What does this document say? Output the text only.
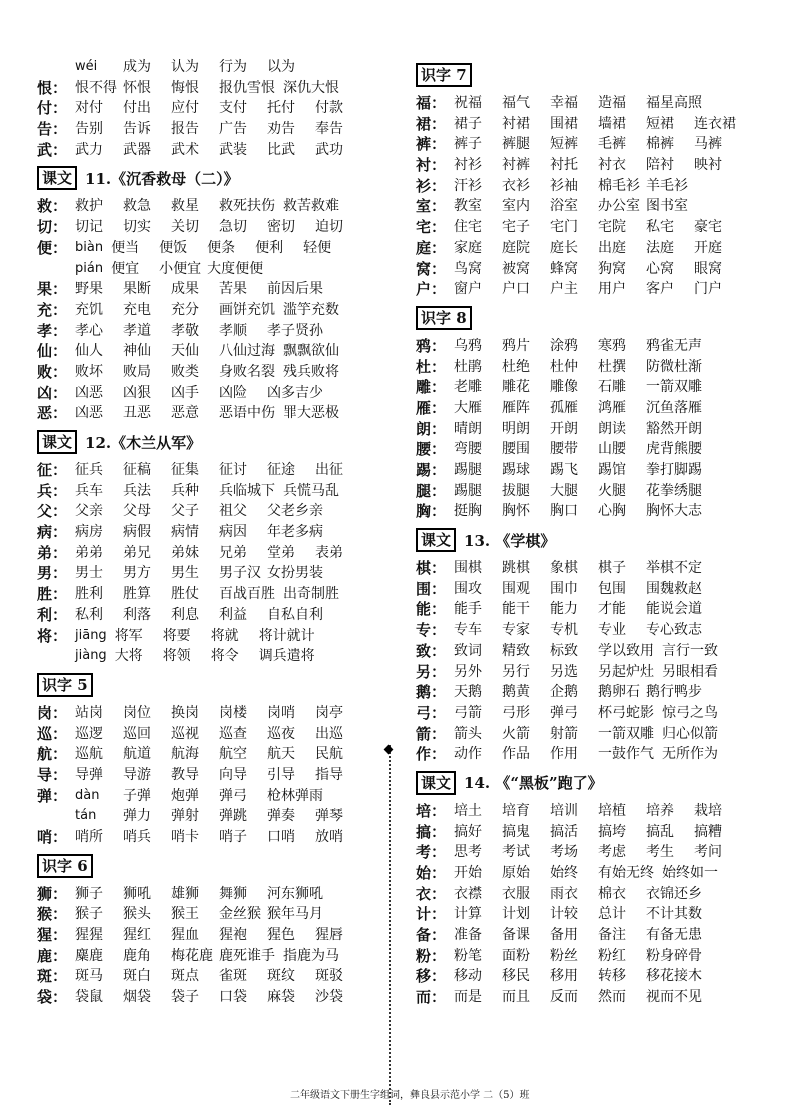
wéi	成为	认为	行为	以为
恨： 恨不得 怀恨	悔恨	报仇雪恨 深仇大恨
付： 对付	付出	应付	支付	托付	付款
告： 告别	告诉	报告	广告	劝告	奉告
武： 武力	武器	武术	武装	比武	武功
课文 11.《沉香救母（二）》
救： 救护	救急	救星	救死扶伤 救苦救难
切： 切记	切实	关切	急切	密切	迫切
便： biàn 便当	便饭	便条	便利	轻便
pián 便宜	小便宜 大度便便
果： 野果	果断	成果	苦果	前因后果
充： 充饥	充电	充分	画饼充饥 滥竽充数
孝： 孝心	孝道	孝敬	孝顺	孝子贤孙
仙： 仙人	神仙	天仙	八仙过海 飘飘欲仙
败： 败坏	败局	败类	身败名裂 残兵败将
凶： 凶恶	凶狠	凶手	凶险	凶多吉少
恶： 凶恶	丑恶	恶意	恶语中伤 罪大恶极
课文 12.《木兰从军》
征： 征兵	征稿	征集	征讨	征途	出征
兵： 兵车	兵法	兵种	兵临城下 兵慌马乱
父： 父亲	父母	父子	祖父	父老乡亲
病： 病房	病假	病情	病因	年老多病
弟： 弟弟	弟兄	弟妹	兄弟	堂弟	表弟
男： 男士	男方	男生	男子汉 女扮男装
胜： 胜利	胜算	胜仗	百战百胜 出奇制胜
利： 私利	利落	利息	利益	自私自利
将： jiāng 将军	将要	将就	将计就计
jiàng 大将	将领	将令	调兵遣将
识字 5
岗： 站岗	岗位	换岗	岗楼	岗哨	岗亭
巡： 巡逻	巡回	巡视	巡查	巡夜	出巡
航： 巡航	航道	航海	航空	航天	民航
导： 导弹	导游	教导	向导	引导	指导
弹： dàn	子弹	炮弹	弹弓	枪林弹雨
tán	弹力	弹射	弹跳	弹奏	弹琴
哨： 哨所	哨兵	哨卡	哨子	口哨	放哨
识字 6
狮： 狮子	狮吼	雄狮	舞狮	河东狮吼
猴： 猴子	猴头	猴王	金丝猴 猴年马月
猩： 猩猩	猩红	猩血	猩袍	猩色	猩唇
鹿： 麋鹿	鹿角	梅花鹿 鹿死谁手 指鹿为马
斑： 斑马	斑白	斑点	雀斑	斑纹	斑驳
袋： 袋鼠	烟袋	袋子	口袋	麻袋	沙袋
识字 7
福： 祝福	福气	幸福	造福	福星高照
裙： 裙子	衬裙	围裙	墙裙	短裙	连衣裙
裤： 裤子	裤腿	短裤	毛裤	棉裤	马裤
衬： 衬衫	衬裤	衬托	衬衣	陪衬	映衬
衫： 汗衫	衣衫	衫袖	棉毛衫 羊毛衫
室： 教室	室内	浴室	办公室 图书室
宅： 住宅	宅子	宅门	宅院	私宅	豪宅
庭： 家庭	庭院	庭长	出庭	法庭	开庭
窝： 鸟窝	被窝	蜂窝	狗窝	心窝	眼窝
户： 窗户	户口	户主	用户	客户	门户
识字 8
鸦： 乌鸦	鸦片	涂鸦	寒鸦	鸦雀无声
杜： 杜鹃	杜绝	杜仲	杜撰	防微杜渐
雕： 老雕	雕花	雕像	石雕	一箭双雕
雁： 大雁	雁阵	孤雁	鸿雁	沉鱼落雁
朗： 晴朗	明朗	开朗	朗读	豁然开朗
腰： 弯腰	腰围	腰带	山腰	虎背熊腰
踢： 踢腿	踢球	踢飞	踢馆	拳打脚踢
腿： 踢腿	拔腿	大腿	火腿	花拳绣腿
胸： 挺胸	胸怀	胸口	心胸	胸怀大志
课文 13. 《学棋》
棋： 围棋	跳棋	象棋	棋子	举棋不定
围： 围攻	围观	围巾	包围	围魏救赵
能： 能手	能干	能力	才能	能说会道
专： 专车	专家	专机	专业	专心致志
致： 致词	精致	标致	学以致用 言行一致
另： 另外	另行	另选	另起炉灶 另眼相看
鹅： 天鹅	鹅黄	企鹅	鹅卵石 鹅行鸭步
弓： 弓箭	弓形	弹弓	杯弓蛇影 惊弓之鸟
箭： 箭头	火箭	射箭	一箭双雕 归心似箭
作： 动作	作品	作用	一鼓作气 无所作为
课文 14. 《“黑板”跑了》
培： 培土	培育	培训	培植	培养	栽培
搞： 搞好	搞鬼	搞活	搞垮	搞乱	搞糟
考： 思考	考试	考场	考虑	考生	考问
始： 开始	原始	始终	有始无终 始终如一
衣： 衣襟	衣服	雨衣	棉衣	衣锦还乡
计： 计算	计划	计较	总计	不计其数
备： 准备	备课	备用	备注	有备无患
粉： 粉笔	面粉	粉丝	粉红	粉身碎骨
移： 移动	移民	移用	转移	移花接木
而： 而是	而且	反而	然而	视而不见
二年级语文下册生字组词，彝良县示范小学 二（5）班
